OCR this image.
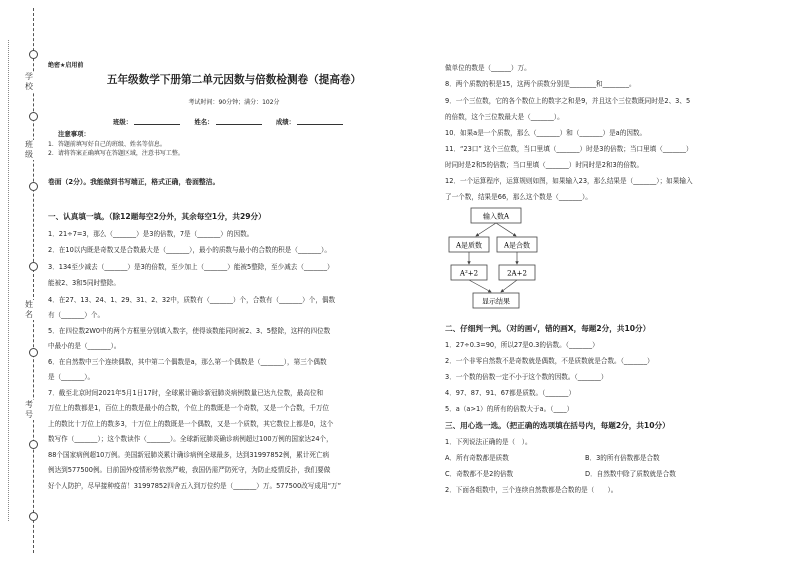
学
校
班
级
姓
名
考
号
绝密★启用前
五年级数学下册第二单元因数与倍数检测卷（提高卷）
考试时间：90分钟；满分：102分
班级：	姓名：	成绩：
注意事项：
1．答题前填写好自己的班级、姓名等信息。
2．请将答案正确填写在答题区域，注意书写工整。
卷面（2分）。我能做到书写端正，格式正确，卷面整洁。
一、认真填一填。（除12题每空2分外，其余每空1分，共29分）
1．21÷7=3，那么（_______）是3的倍数，7是（_______）的因数。
2．在10以内既是奇数又是合数最大是（_______），最小的质数与最小的合数的积是（_______）。
3．134至少减去（_______）是3的倍数，至少加上（_______）能被5整除，至少减去（_______）
能被2、3和5同时整除。
4．在27、13、24、1、29、31、2、32中，质数有（_______）个，合数有（_______）个，偶数
有（_______）个。
5．在四位数2W0中的两个方框里分别填入数字，使得该数能同时被2、3、5整除，这样的四位数
中最小的是（_______）。
6．在自然数中三个连续偶数，其中第二个偶数是a，那么第一个偶数是（_______），第三个偶数
是（_______）。
7．截至北京时间2021年5月1日17时，全球累计确诊新冠肺炎病例数量已达九位数，最高位和
万位上的数都是1，百位上的数是最小的合数，个位上的数既是一个奇数，又是一个合数，千万位
上的数比十万位上的数多3，十万位上的数既是一个偶数，又是一个质数，其它数位上都是0，这个
数写作（_______）；这个数读作（_______）。全球新冠肺炎确诊病例超过100万例的国家达24个，
88个国家病例超10万例。美国新冠肺炎累计确诊病例全球最多，达到31997852例，累计死亡病
例达到577500例。目前国外疫情形势依然严峻，我国仍需严防死守，为防止疫情反扑，我们要做
好个人防护，尽早接种疫苗！31997852四舍五入到万位约是（_______）万。577500改写成用“万”
做单位的数是（______）万。
8．两个质数的积是15，这两个质数分别是________和________。
9．一个三位数，它的各个数位上的数字之和是9，并且这个三位数既同时是2、3、5
的倍数，这个三位数最大是（_______）。
10．如果a是一个质数，那么（_______）和（_______）是a的因数。
11．“23口” 这个三位数，当口里填（_______）时是3的倍数；当口里填（_______）
时同时是2和5的倍数；当口里填（_______）时同时是2和3的倍数。
12．一个运算程序，运算规则如图，如果输入23，那么结果是（_______）；如果输入
了一个数，结果是66，那么这个数是（_______）。
输入数A
A是质数	A是合数
A²+2	2A+2
显示结果
二、仔细判一判。（对的画√，错的画X，每题2分，共10分）
1．27÷0.3=90，所以27是0.3的倍数。（_______）
2．一个非零自然数不是奇数就是偶数，不是质数就是合数。（_______）
3．一个数的倍数一定不小于这个数的因数。（_______）
4．97、87、91、67都是质数。（_______）
5．a（a>1）的所有的倍数大于a。（____）
三、用心选一选。（把正确的选项填在括号内，每题2分，共10分）
1．下列说法正确的是（　）。
A．所有奇数都是质数	B．3的所有倍数都是合数
C．奇数都不是2的倍数	D．自然数中除了质数就是合数
2．下面各组数中，三个连续自然数都是合数的是（　　）。
